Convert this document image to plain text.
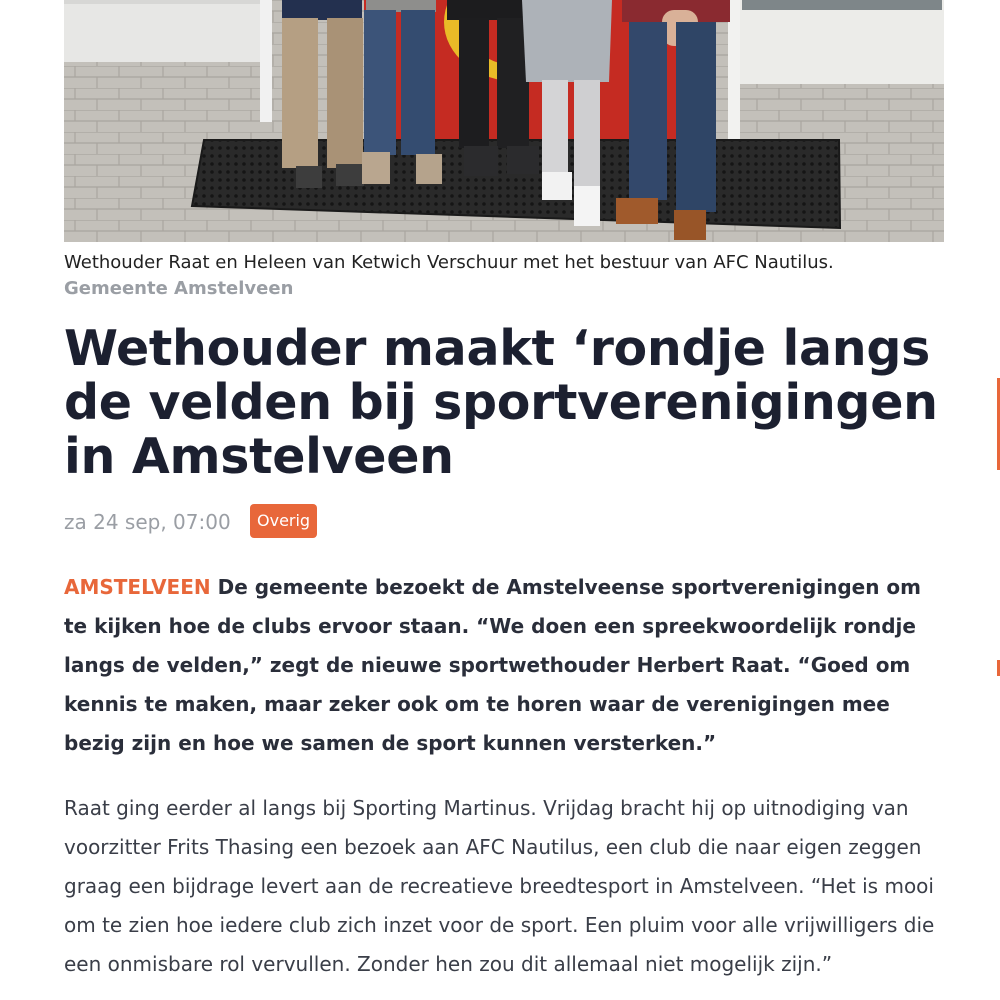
Wethouder Raat en Heleen van Ketwich Verschuur met het bestuur van AFC Nautilus.
Gemeente Amstelveen
Wethouder maakt ‘rondje langs de velden bij sportverenigingen in Amstelveen
za 24 sep, 07:00	Overig

AMSTELVEEN De gemeente bezoekt de Amstelveense sportverenigingen om te kijken hoe de clubs ervoor staan. “We doen een spreekwoordelijk rondje langs de velden,” zegt de nieuwe sportwethouder Herbert Raat. “Goed om kennis te maken, maar zeker ook om te horen waar de verenigingen mee bezig zijn en hoe we samen de sport kunnen versterken.”

Raat ging eerder al langs bij Sporting Martinus. Vrijdag bracht hij op uitnodiging van voorzitter Frits Thasing een bezoek aan AFC Nautilus, een club die naar eigen zeggen graag een bijdrage levert aan de recreatieve breedtesport in Amstelveen. “Het is mooi om te zien hoe iedere club zich inzet voor de sport. Een pluim voor alle vrijwilligers die een onmisbare rol vervullen. Zonder hen zou dit allemaal niet mogelijk zijn.”
